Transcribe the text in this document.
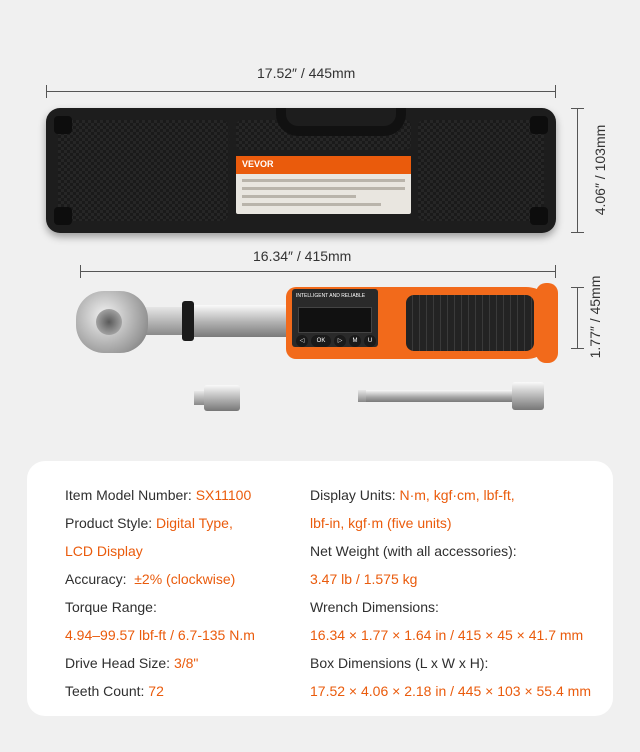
17.52″ / 445mm
4.06″ / 103mm
VEVOR
16.34″ / 415mm
1.77″ / 45mm
INTELLIGENT AND RELIABLE
◁	OK	▷	M	U
Item Model Number: SX11100
Product Style: Digital Type,
LCD Display
Accuracy: ±2% (clockwise)
Torque Range:
4.94–99.57 lbf-ft / 6.7-135 N.m
Drive Head Size: 3/8"
Teeth Count: 72
Display Units: N·m, kgf·cm, lbf-ft,
lbf-in, kgf·m (five units)
Net Weight (with all accessories):
3.47 lb / 1.575 kg
Wrench Dimensions:
16.34 × 1.77 × 1.64 in / 415 × 45 × 41.7 mm
Box Dimensions (L x W x H):
17.52 × 4.06 × 2.18 in / 445 × 103 × 55.4 mm
